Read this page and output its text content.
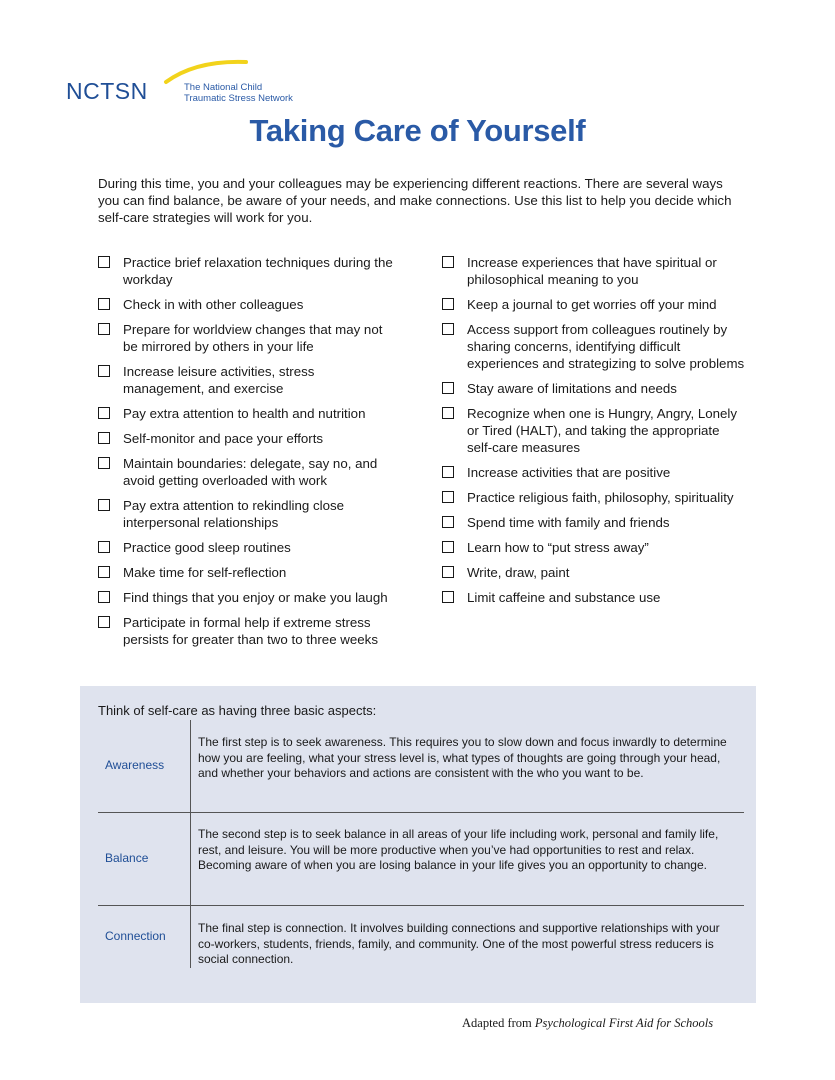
NCTSN	The National Child
Traumatic Stress Network
Taking Care of Yourself
During this time, you and your colleagues may be experiencing different reactions. There are several ways you can find balance, be aware of your needs, and make connections. Use this list to help you decide which self-care strategies will work for you.
Practice brief relaxation techniques during the workday
Check in with other colleagues
Prepare for worldview changes that may not be mirrored by others in your life
Increase leisure activities, stress management, and exercise
Pay extra attention to health and nutrition
Self-monitor and pace your efforts
Maintain boundaries: delegate, say no, and avoid getting overloaded with work
Pay extra attention to rekindling close interpersonal relationships
Practice good sleep routines
Make time for self-reflection
Find things that you enjoy or make you laugh
Participate in formal help if extreme stress persists for greater than two to three weeks
Increase experiences that have spiritual or philosophical meaning to you
Keep a journal to get worries off your mind
Access support from colleagues routinely by sharing concerns, identifying difficult experiences and strategizing to solve problems
Stay aware of limitations and needs
Recognize when one is Hungry, Angry, Lonely or Tired (HALT), and taking the appropriate self-care measures
Increase activities that are positive
Practice religious faith, philosophy, spirituality
Spend time with family and friends
Learn how to “put stress away”
Write, draw, paint
Limit caffeine and substance use
Think of self-care as having three basic aspects:
Awareness
The first step is to seek awareness. This requires you to slow down and focus inwardly to determine how you are feeling, what your stress level is, what types of thoughts are going through your head, and whether your behaviors and actions are consistent with the who you want to be.
Balance
The second step is to seek balance in all areas of your life including work, personal and family life, rest, and leisure. You will be more productive when you’ve had opportunities to rest and relax. Becoming aware of when you are losing balance in your life gives you an opportunity to change.
Connection
The final step is connection. It involves building connections and supportive relationships with your co-workers, students, friends, family, and community. One of the most powerful stress reducers is social connection.
Adapted from Psychological First Aid for Schools
